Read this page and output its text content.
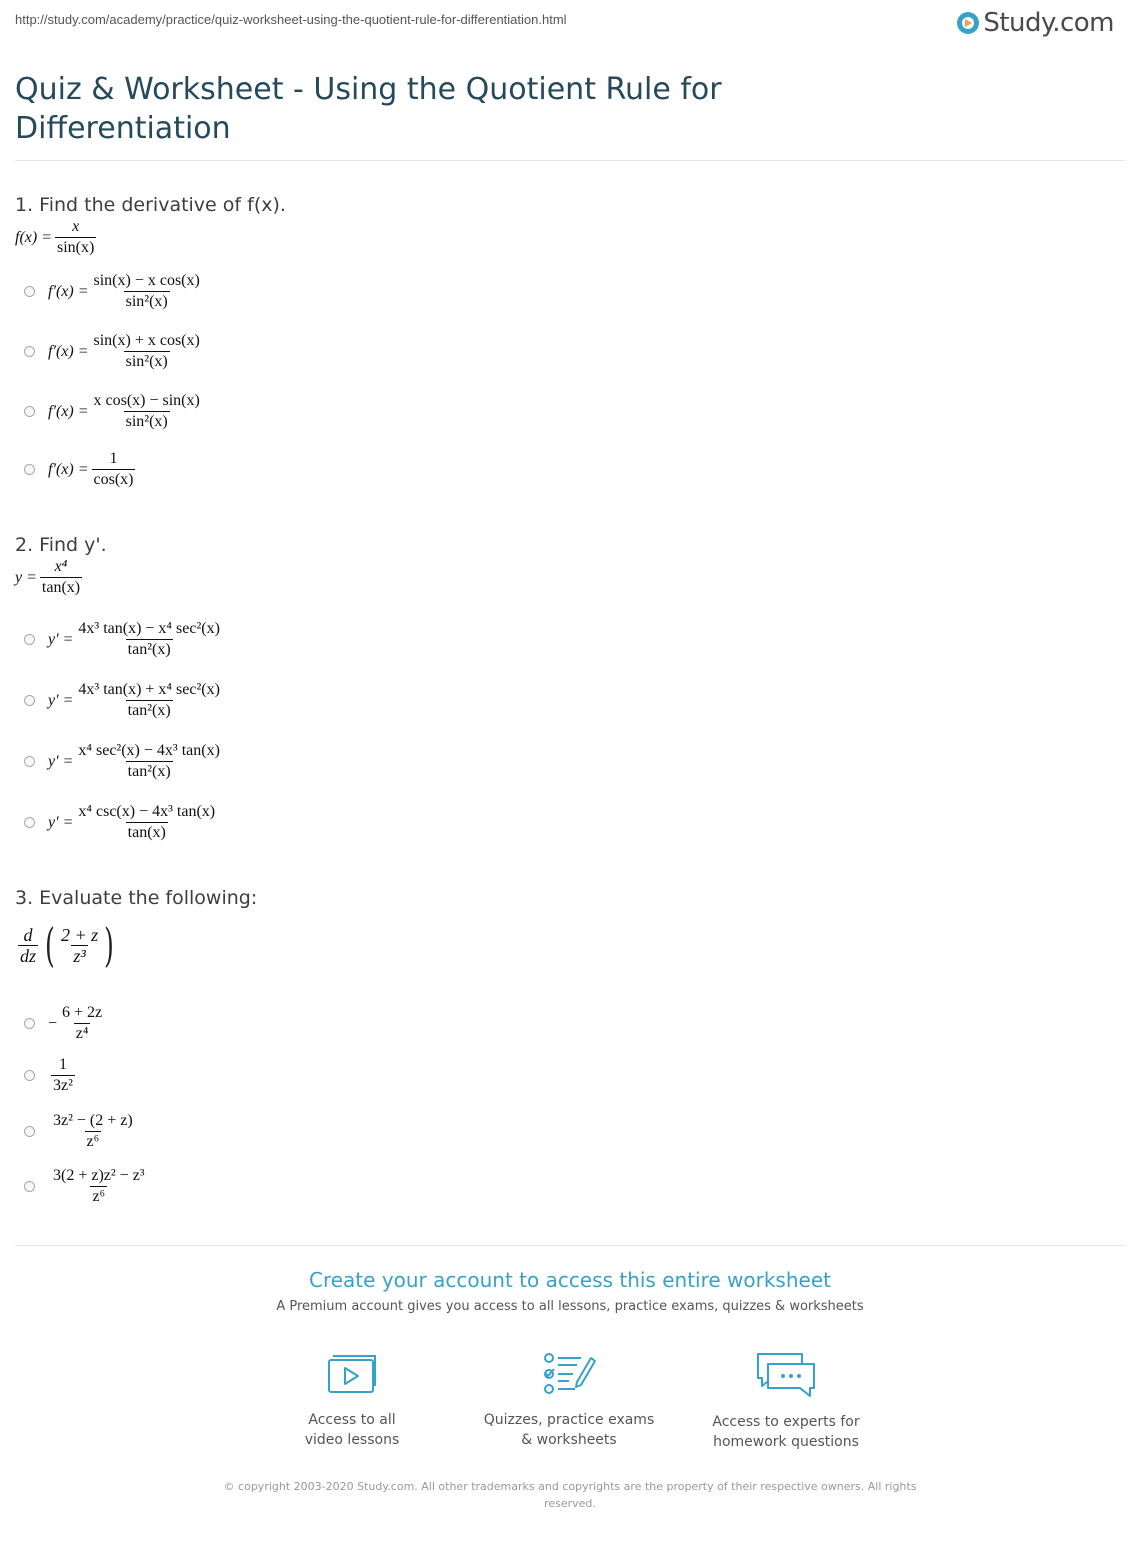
http://study.com/academy/practice/quiz-worksheet-using-the-quotient-rule-for-differentiation.html	Study.com
Quiz & Worksheet - Using the Quotient Rule for Differentiation
1. Find the derivative of f(x).
$f(x) = \frac{x}{\sin(x)}$
$f'(x) = \frac{\text{sin(x) − x cos(x)}}{\text{sin²(x)}}$
$f'(x) = \frac{\text{sin(x) + x cos(x)}}{\text{sin²(x)}}$
$f'(x) = \frac{\text{x cos(x) − sin(x)}}{\text{sin²(x)}}$
$f'(x) = \frac{1}{\cos(x)}$
2. Find y'.
$y = \frac{\text{x⁴}}{\tan(x)}$
$y' = \frac{\text{4x³ tan(x) − x⁴ sec²(x)}}{\text{tan²(x)}}$
$y' = \frac{\text{4x³ tan(x) + x⁴ sec²(x)}}{\text{tan²(x)}}$
$y' = \frac{\text{x⁴ sec²(x) − 4x³ tan(x)}}{\text{tan²(x)}}$
$y' = \frac{\text{x⁴ csc(x) − 4x³ tan(x)}}{\tan(x)}$
3. Evaluate the following:
$\frac{d}{dz}$ ( $\frac{2 + z}{\text{z³}}$ )
− $\frac{6 + 2z}{\text{z⁴}}$
$\frac{1}{\text{3z²}}$
$\frac{\text{3z² − (2 + z)}}{\text{z⁶}}$
$\frac{\text{3(2 + z)z² − z³}}{\text{z⁶}}$
Create your account to access this entire worksheet
A Premium account gives you access to all lessons, practice exams, quizzes & worksheets
Access to all
video lessons
Quizzes, practice exams
& worksheets
Access to experts for
homework questions
© copyright 2003-2020 Study.com. All other trademarks and copyrights are the property of their respective owners. All rights reserved.
